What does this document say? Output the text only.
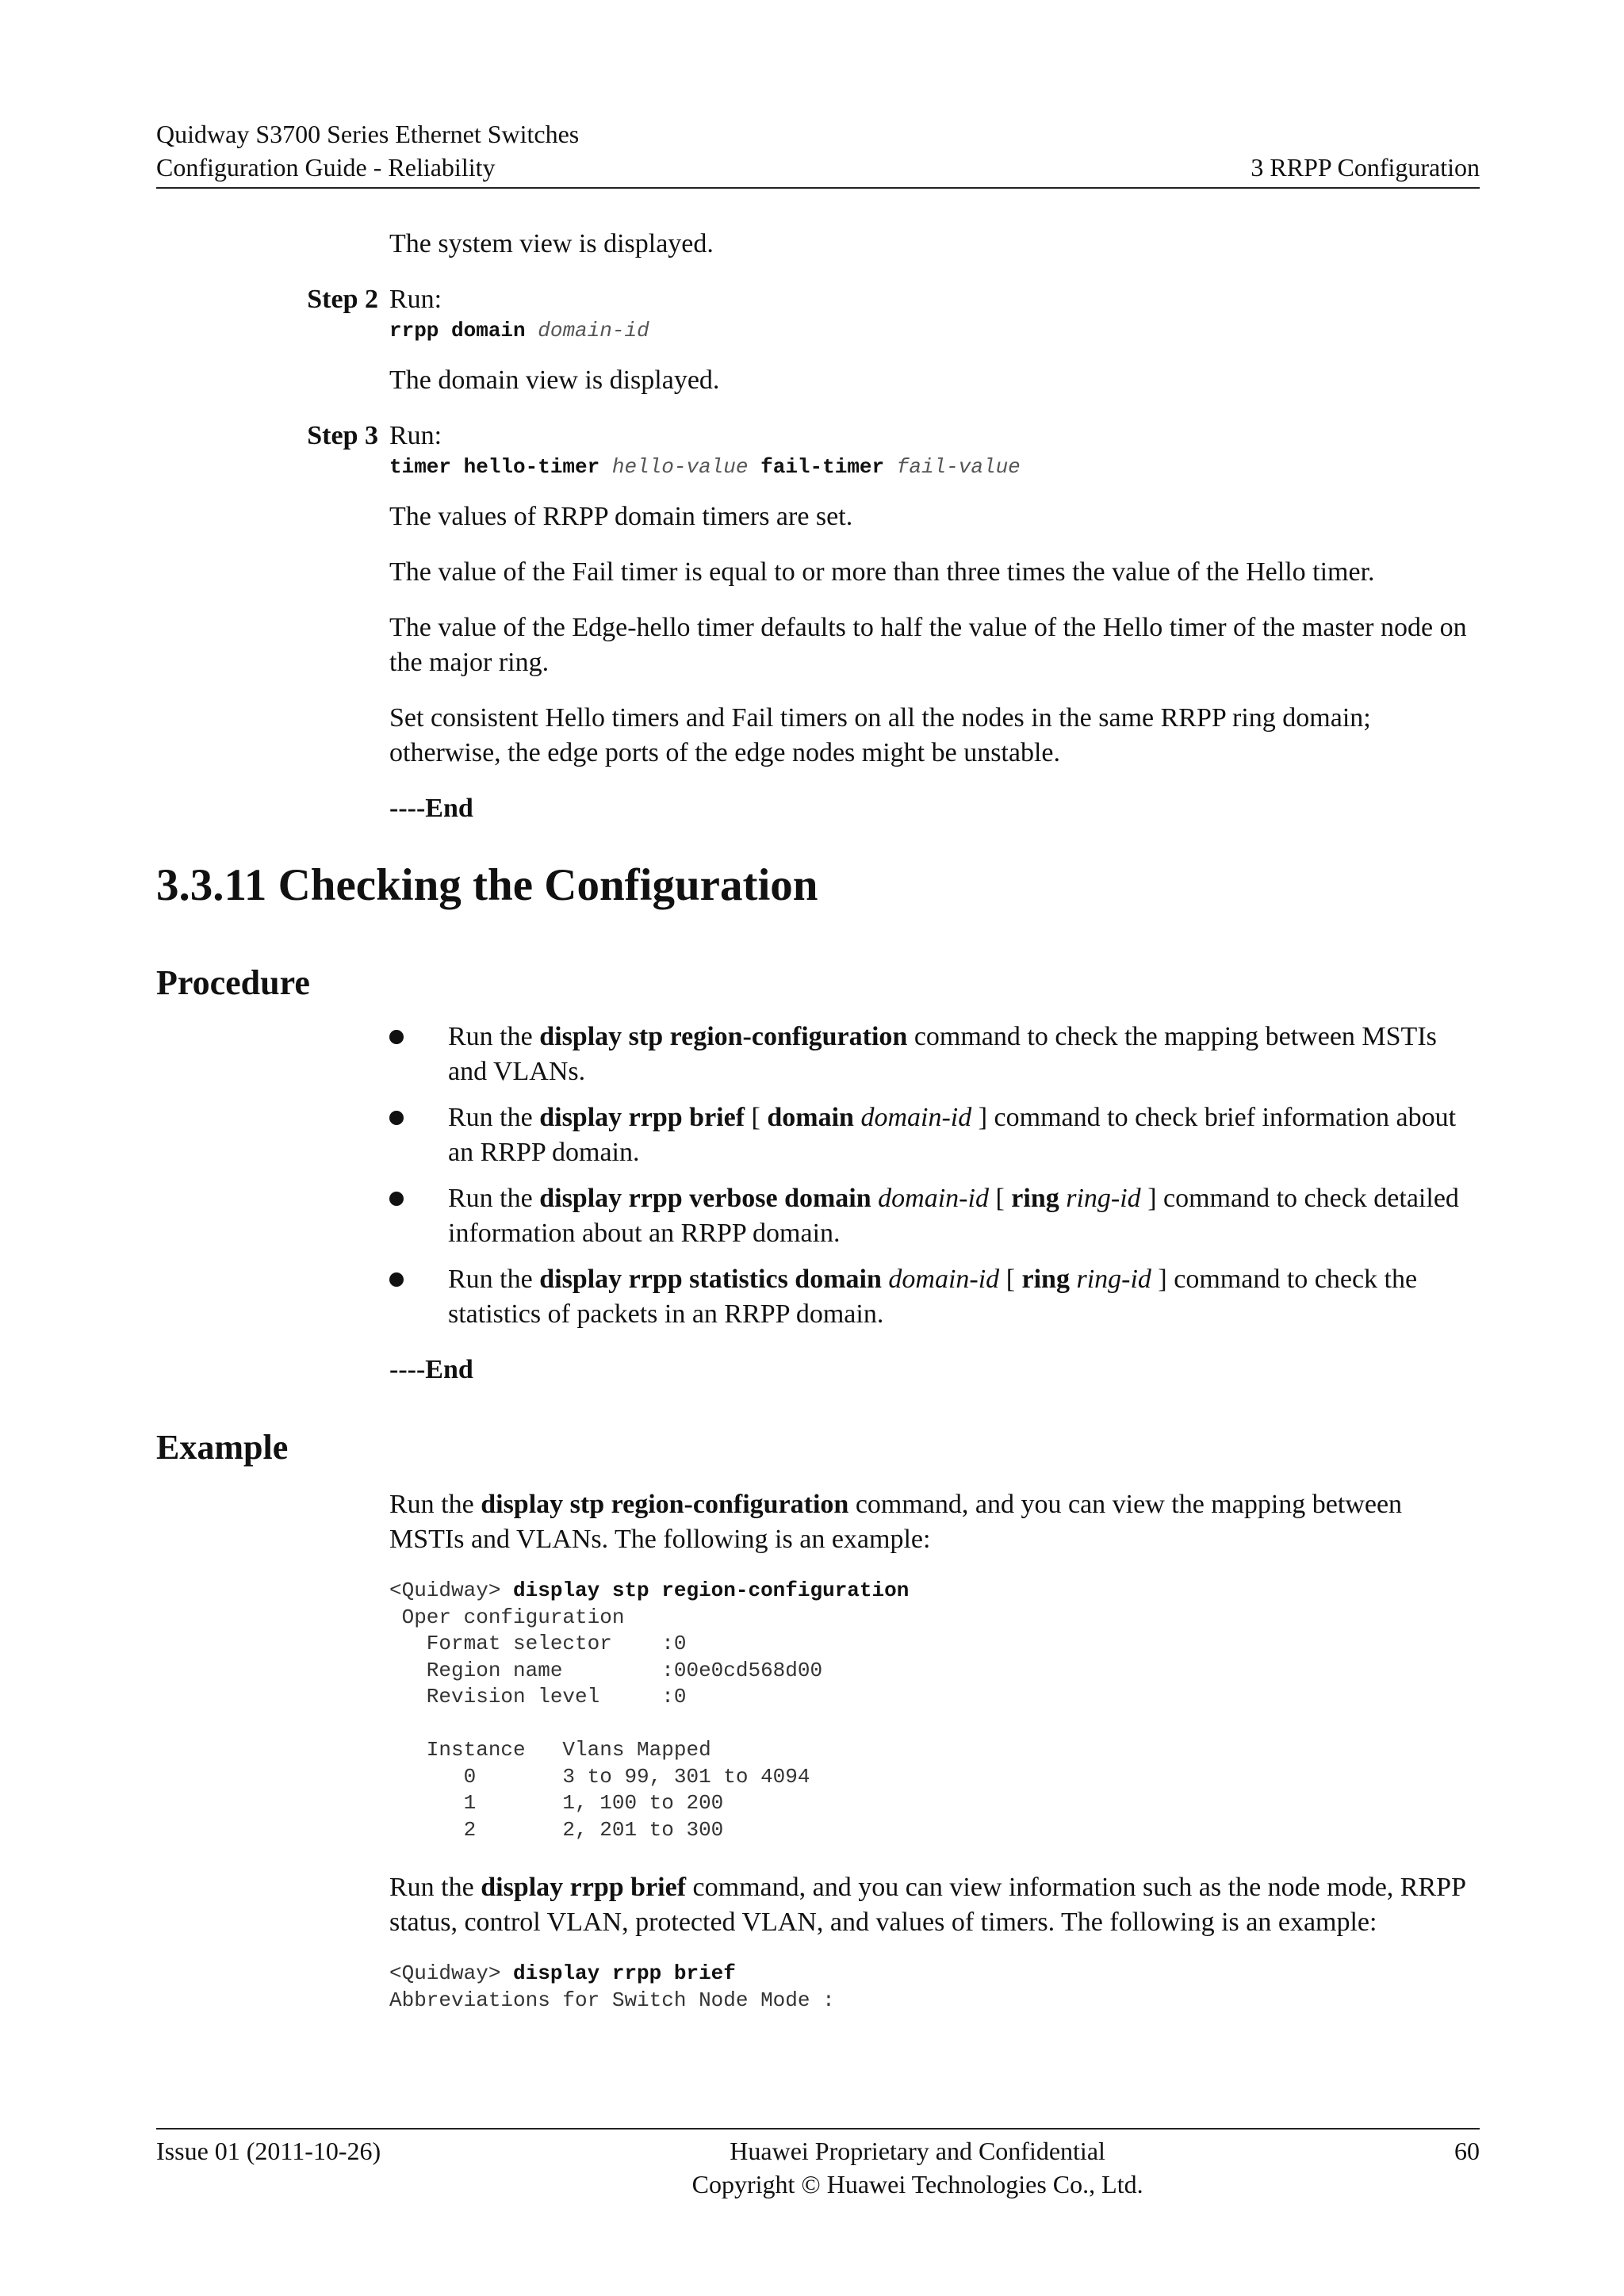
Quidway S3700 Series Ethernet Switches
Configuration Guide - Reliability	3 RRPP Configuration

The system view is displayed.

Step 2 Run:
rrpp domain domain-id

The domain view is displayed.

Step 3 Run:
timer hello-timer hello-value fail-timer fail-value

The values of RRPP domain timers are set.

The value of the Fail timer is equal to or more than three times the value of the Hello timer.

The value of the Edge-hello timer defaults to half the value of the Hello timer of the master node on the major ring.

Set consistent Hello timers and Fail timers on all the nodes in the same RRPP ring domain; otherwise, the edge ports of the edge nodes might be unstable.

----End
3.3.11 Checking the Configuration
Procedure
Run the display stp region-configuration command to check the mapping between MSTIs and VLANs.
Run the display rrpp brief [ domain domain-id ] command to check brief information about an RRPP domain.
Run the display rrpp verbose domain domain-id [ ring ring-id ] command to check detailed information about an RRPP domain.
Run the display rrpp statistics domain domain-id [ ring ring-id ] command to check the statistics of packets in an RRPP domain.
----End
Example

Run the display stp region-configuration command, and you can view the mapping between MSTIs and VLANs. The following is an example:

<Quidway> display stp region-configuration
Oper configuration
Format selector    :0
Region name        :00e0cd568d00
Revision level     :0

Instance   Vlans Mapped
0       3 to 99, 301 to 4094
1       1, 100 to 200
2       2, 201 to 300

Run the display rrpp brief command, and you can view information such as the node mode, RRPP status, control VLAN, protected VLAN, and values of timers. The following is an example:

<Quidway> display rrpp brief
Abbreviations for Switch Node Mode :
Issue 01 (2011-10-26)	Huawei Proprietary and Confidential
Copyright © Huawei Technologies Co., Ltd.
60
